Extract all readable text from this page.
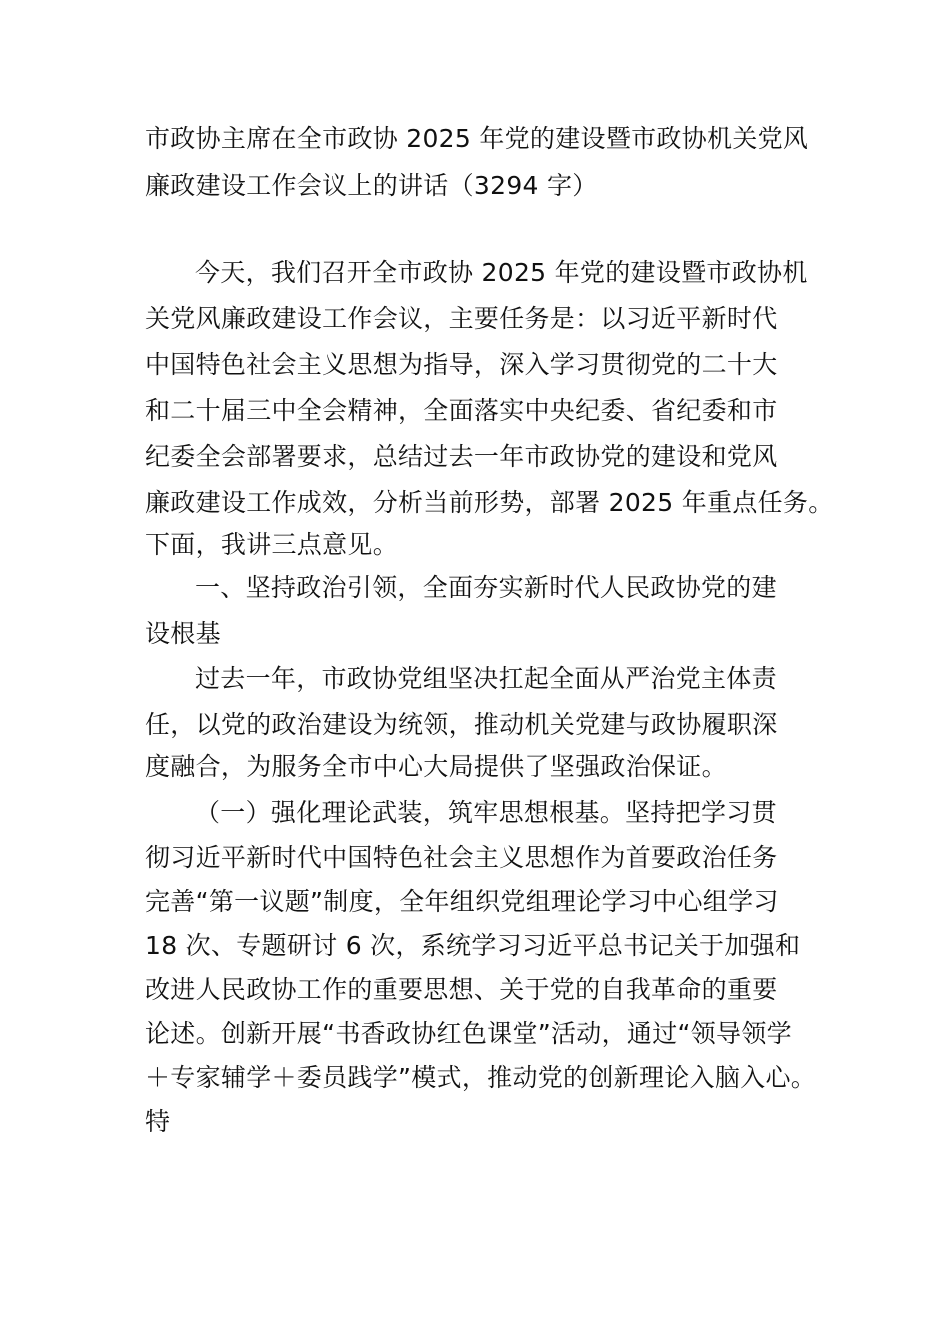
市政协主席在全市政协 2025 年党的建设暨市政协机关党风

廉政建设工作会议上的讲话（3294 字）

今天，我们召开全市政协 2025 年党的建设暨市政协机

关党风廉政建设工作会议，主要任务是：以习近平新时代

中国特色社会主义思想为指导，深入学习贯彻党的二十大

和二十届三中全会精神，全面落实中央纪委、省纪委和市

纪委全会部署要求，总结过去一年市政协党的建设和党风

廉政建设工作成效，分析当前形势，部署 2025 年重点任务。

下面，我讲三点意见。

一、坚持政治引领，全面夯实新时代人民政协党的建

设根基

过去一年，市政协党组坚决扛起全面从严治党主体责

任，以党的政治建设为统领，推动机关党建与政协履职深

度融合，为服务全市中心大局提供了坚强政治保证。

（一）强化理论武装，筑牢思想根基。坚持把学习贯

彻习近平新时代中国特色社会主义思想作为首要政治任务

完善“第一议题”制度，全年组织党组理论学习中心组学习

18 次、专题研讨 6 次，系统学习习近平总书记关于加强和

改进人民政协工作的重要思想、关于党的自我革命的重要

论述。创新开展“书香政协红色课堂”活动，通过“领导领学

＋专家辅学＋委员践学”模式，推动党的创新理论入脑入心。

特
